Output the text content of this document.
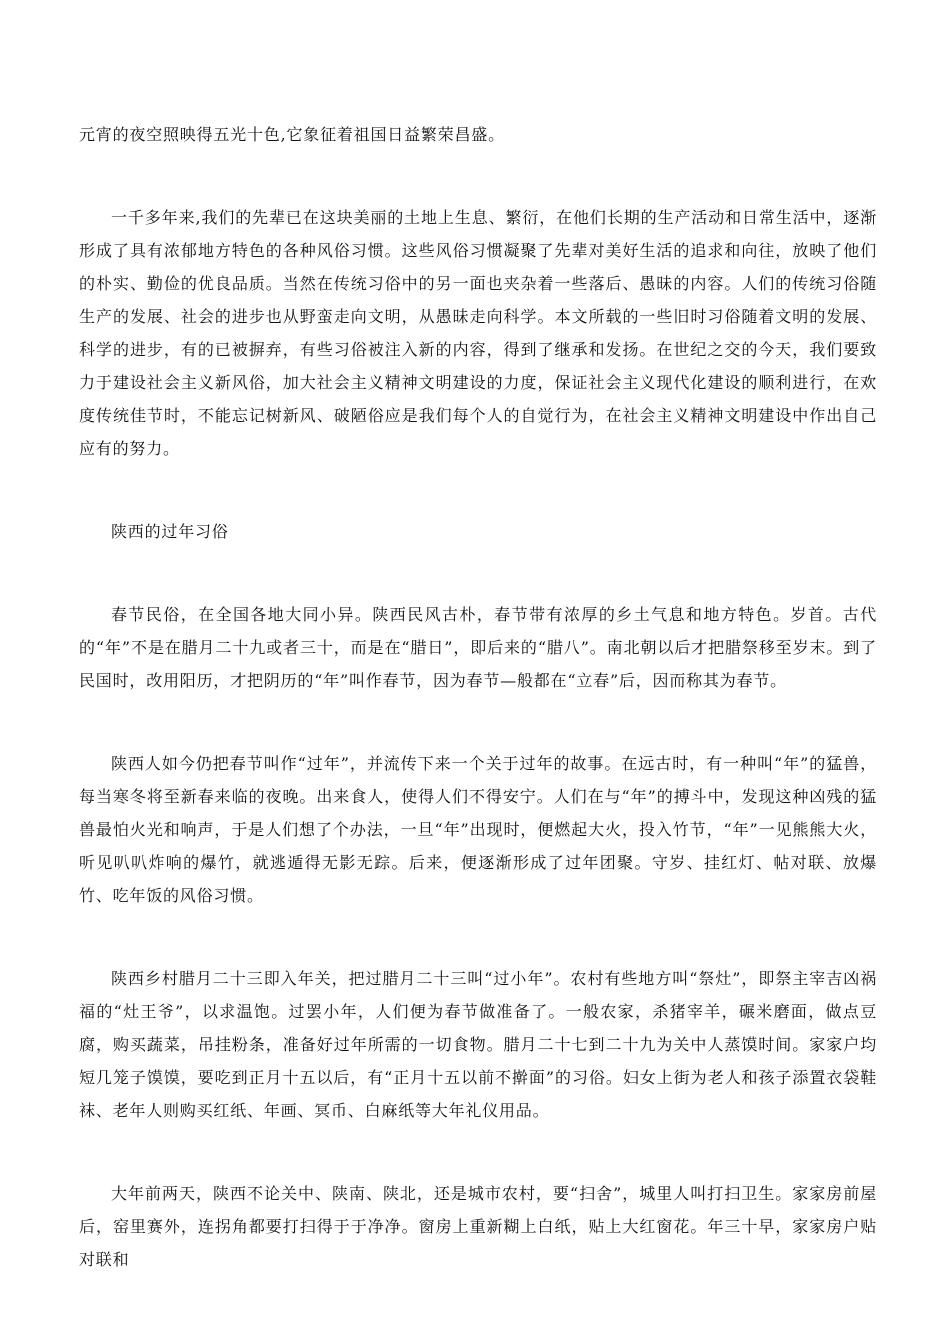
元宵的夜空照映得五光十色,它象征着祖国日益繁荣昌盛。

一千多年来,我们的先辈已在这块美丽的土地上生息、繁衍，在他们长期的生产活动和日常生活中，逐渐形成了具有浓郁地方特色的各种风俗习惯。这些风俗习惯凝聚了先辈对美好生活的追求和向往，放映了他们的朴实、勤俭的优良品质。当然在传统习俗中的另一面也夹杂着一些落后、愚昧的内容。人们的传统习俗随生产的发展、社会的进步也从野蛮走向文明，从愚昧走向科学。本文所载的一些旧时习俗随着文明的发展、科学的进步，有的已被摒弃，有些习俗被注入新的内容，得到了继承和发扬。在世纪之交的今天，我们要致力于建设社会主义新风俗，加大社会主义精神文明建设的力度，保证社会主义现代化建设的顺利进行，在欢度传统佳节时，不能忘记树新风、破陋俗应是我们每个人的自觉行为，在社会主义精神文明建设中作出自己应有的努力。

陕西的过年习俗

春节民俗，在全国各地大同小异。陕西民风古朴，春节带有浓厚的乡土气息和地方特色。岁首。古代的“年”不是在腊月二十九或者三十，而是在“腊日”，即后来的“腊八”。南北朝以后才把腊祭移至岁末。到了民国时，改用阳历，才把阴历的“年”叫作春节，因为春节—般都在“立春”后，因而称其为春节。

陕西人如今仍把春节叫作“过年”，并流传下来一个关于过年的故事。在远古时，有一种叫“年”的猛兽，每当寒冬将至新春来临的夜晚。出来食人，使得人们不得安宁。人们在与“年”的搏斗中，发现这种凶残的猛兽最怕火光和响声，于是人们想了个办法，一旦“年”出现时，便燃起大火，投入竹节，“年”一见熊熊大火，听见叭叭炸响的爆竹，就逃遁得无影无踪。后来，便逐渐形成了过年团聚。守岁、挂红灯、帖对联、放爆竹、吃年饭的风俗习惯。

陕西乡村腊月二十三即入年关，把过腊月二十三叫“过小年”。农村有些地方叫“祭灶”，即祭主宰吉凶祸福的“灶王爷”，以求温饱。过罢小年，人们便为春节做准备了。一般农家，杀猪宰羊，碾米磨面，做点豆腐，购买蔬菜，吊挂粉条，准备好过年所需的一切食物。腊月二十七到二十九为关中人蒸馍时间。家家户均短几笼子馍馍，要吃到正月十五以后，有“正月十五以前不擀面”的习俗。妇女上街为老人和孩子添置衣袋鞋袜、老年人则购买红纸、年画、冥币、白麻纸等大年礼仪用品。

大年前两天，陕西不论关中、陕南、陕北，还是城市农村，要“扫舍”，城里人叫打扫卫生。家家房前屋后，窑里赛外，连拐角都要打扫得于于净净。窗房上重新糊上白纸，贴上大红窗花。年三十早，家家房户贴对联和
